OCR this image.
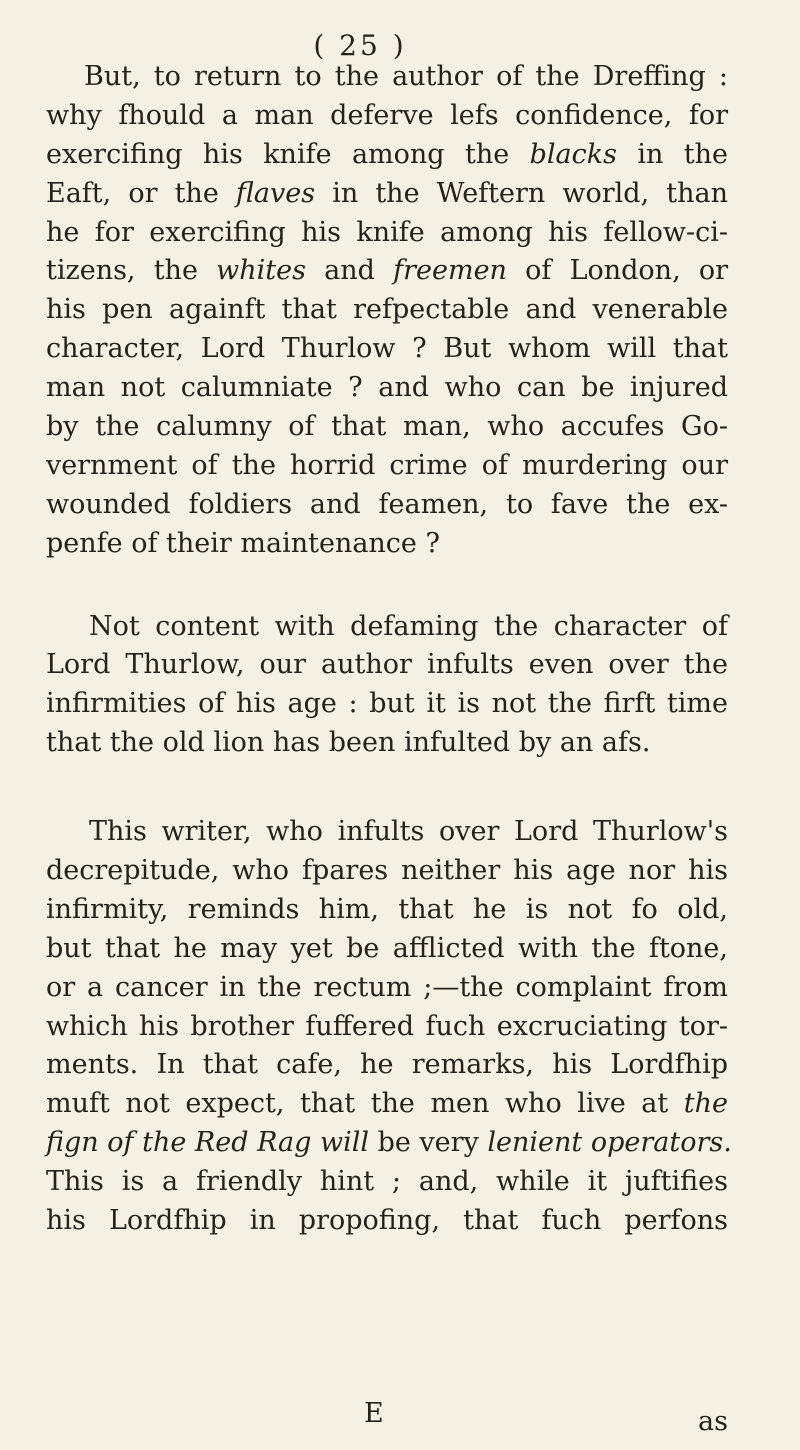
( 25 )
But, to return to the author of the Dreffing :
why fhould a man deferve lefs confidence, for
exercifing his knife among the blacks in the
Eaft, or the flaves in the Weftern world, than
he for exercifing his knife among his fellow-ci-
tizens, the whites and freemen of London, or
his pen againft that refpectable and venerable
character, Lord Thurlow ? But whom will that
man not calumniate ? and who can be injured
by the calumny of that man, who accufes Go-
vernment of the horrid crime of murdering our
wounded foldiers and feamen, to fave the ex-
penfe of their maintenance ?
Not content with defaming the character of
Lord Thurlow, our author infults even over the
infirmities of his age : but it is not the firft time
that the old lion has been infulted by an afs.
This writer, who infults over Lord Thurlow's
decrepitude, who fpares neither his age nor his
infirmity, reminds him, that he is not fo old,
but that he may yet be afflicted with the ftone,
or a cancer in the rectum ;—the complaint from
which his brother fuffered fuch excruciating tor-
ments. In that cafe, he remarks, his Lordfhip
muft not expect, that the men who live at the
fign of the Red Rag will be very lenient operators.
This is a friendly hint ; and, while it juftifies
his Lordfhip in propofing, that fuch perfons
E	as
